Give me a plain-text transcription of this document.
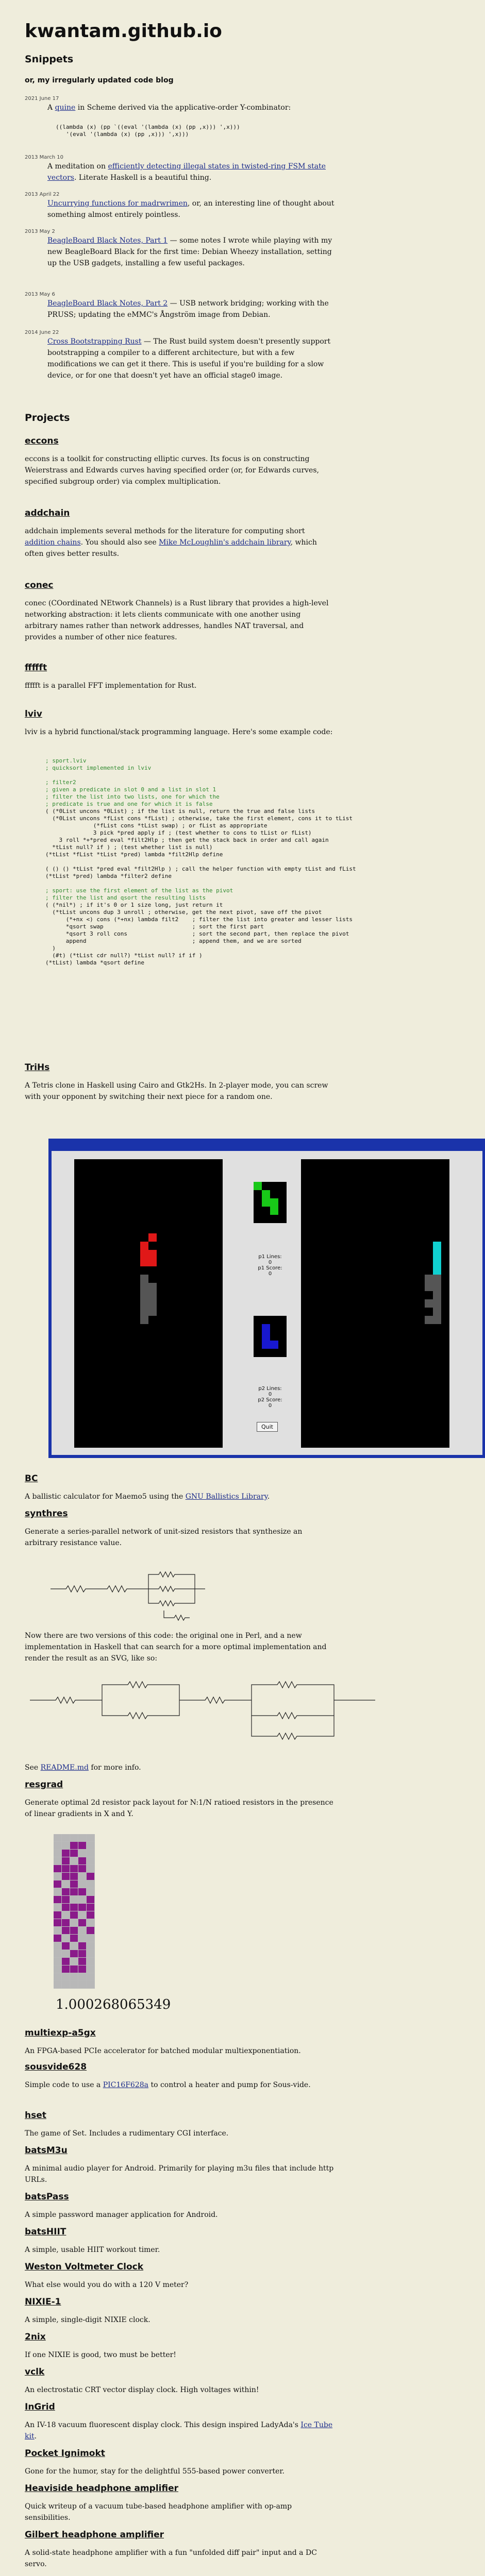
kwantam.github.io
Snippets
or, my irregularly updated code blog
2021 June 17
A quine in Scheme derived via the applicative-order Y-combinator:
((lambda (x) (pp `((eval '(lambda (x) (pp ,x))) ',x)))
'(eval '(lambda (x) (pp ,x))) ',x)))
2013 March 10
A meditation on efficiently detecting illegal states in twisted-ring FSM state vectors. Literate Haskell is a beautiful thing.
2013 April 22
Uncurrying functions for madrwrimen, or, an interesting line of thought about something almost entirely pointless.
2013 May 2
BeagleBoard Black Notes, Part 1 — some notes I wrote while playing with my new BeagleBoard Black for the first time: Debian Wheezy installation, setting up the USB gadgets, installing a few useful packages.
2013 May 6
BeagleBoard Black Notes, Part 2 — USB network bridging; working with the PRUSS; updating the eMMC's Ångström image from Debian.
2014 June 22
Cross Bootstrapping Rust — The Rust build system doesn't presently support bootstrapping a compiler to a different architecture, but with a few modifications we can get it there. This is useful if you're building for a slow device, or for one that doesn't yet have an official stage0 image.
Projects
eccons
eccons is a toolkit for constructing elliptic curves. Its focus is on constructing Weierstrass and Edwards curves having specified order (or, for Edwards curves, specified subgroup order) via complex multiplication.
addchain
addchain implements several methods for the literature for computing short addition chains. You should also see Mike McLoughlin's addchain library, which often gives better results.
conec
conec (COordinated NEtwork Channels) is a Rust library that provides a high-level networking abstraction: it lets clients communicate with one another using arbitrary names rather than network addresses, handles NAT traversal, and provides a number of other nice features.
ffffft
ffffft is a parallel FFT implementation for Rust.
lviv
lviv is a hybrid functional/stack programming language. Here's some example code:
; sport.lviv
; quicksort implemented in lviv

; filter2
; given a predicate in slot 0 and a list in slot 1
; filter the list into two lists, one for which the
; predicate is true and one for which it is false
( (*0List uncons *0List) ; if the list is null, return the true and false lists
(*0List uncons *fList cons *fList) ; otherwise, take the first element, cons it to tList
(*fList cons *tList swap) ; or fList as appropriate
3 pick *pred apply if ; (test whether to cons to tList or fList)
3 roll *+*pred eval *filt2Hlp ; then get the stack back in order and call again
*tList null? if ) ; (test whether list is null)
(*tList *fList *tList *pred) lambda *filt2Hlp define

( () () *tList *pred eval *filt2Hlp ) ; call the helper function with empty tList and fList
(*tList *pred) lambda *filter2 define

; sport: use the first element of the list as the pivot
; filter the list and qsort the resulting lists
( (*nil*) ; if it's 0 or 1 size long, just return it
(*tList uncons dup 3 unroll ; otherwise, get the next pivot, save off the pivot
(*+nx <) cons (*+nx) lambda filt2    ; filter the list into greater and lesser lists
*qsort swap                          ; sort the first part
*qsort 3 roll cons                   ; sort the second part, then replace the pivot
append                               ; append them, and we are sorted
)
(#t) (*tList cdr null?) *tList null? if if )
(*tList) lambda *qsort define

TriHs
A Tetris clone in Haskell using Cairo and Gtk2Hs. In 2-player mode, you can screw with your opponent by switching their next piece for a random one.
p1 Lines:
0
p1 Score:
0
p2 Lines:
0
p2 Score:
0
Quit
BC
A ballistic calculator for Maemo5 using the GNU Ballistics Library.
synthres
Generate a series-parallel network of unit-sized resistors that synthesize an arbitrary resistance value.
Now there are two versions of this code: the original one in Perl, and a new implementation in Haskell that can search for a more optimal implementation and render the result as an SVG, like so:
See README.md for more info.
resgrad
Generate optimal 2d resistor pack layout for N:1/N ratioed resistors in the presence of linear gradients in X and Y.
1.000268065349
multiexp-a5gx
An FPGA-based PCIe accelerator for batched modular multiexponentiation.
sousvide628
Simple code to use a PIC16F628a to control a heater and pump for Sous-vide.
hset
The game of Set. Includes a rudimentary CGI interface.
batsM3u
A minimal audio player for Android. Primarily for playing m3u files that include http URLs.
batsPass
A simple password manager application for Android.
batsHIIT
A simple, usable HIIT workout timer.
Weston Voltmeter Clock
What else would you do with a 120 V meter?
NIXIE-1
A simple, single-digit NIXIE clock.
2nix
If one NIXIE is good, two must be better!
vclk
An electrostatic CRT vector display clock. High voltages within!
InGrid
An IV-18 vacuum fluorescent display clock. This design inspired LadyAda's Ice Tube kit.
Pocket Ignimokt
Gone for the humor, stay for the delightful 555-based power converter.
Heaviside headphone amplifier
Quick writeup of a vacuum tube-based headphone amplifier with op-amp sensibilities.
Gilbert headphone amplifier
A solid-state headphone amplifier with a fun "unfolded diff pair" input and a DC servo.
